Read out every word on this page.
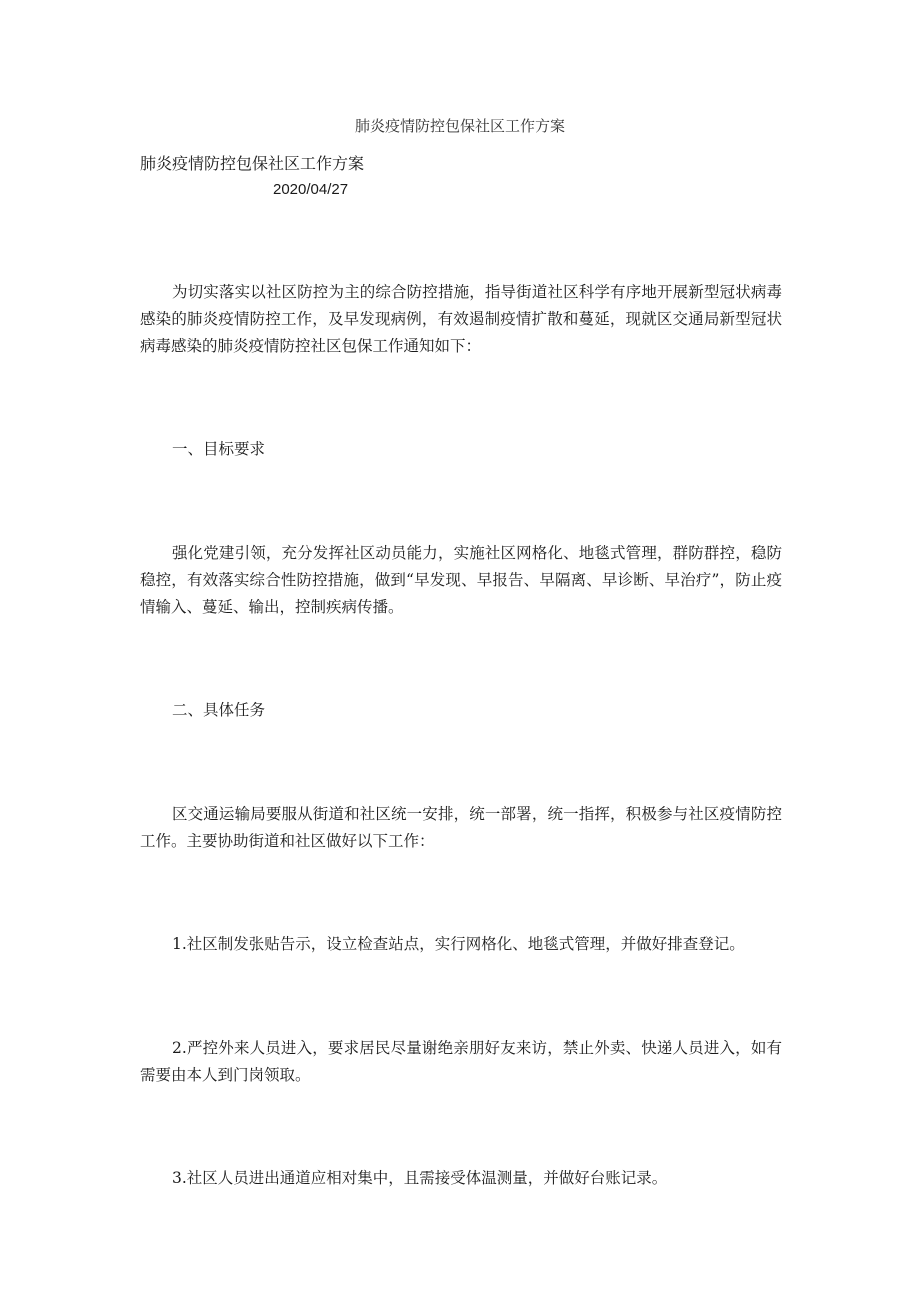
肺炎疫情防控包保社区工作方案
肺炎疫情防控包保社区工作方案
2020/04/27

为切实落实以社区防控为主的综合防控措施，指导街道社区科学有序地开展新型冠状病毒感染的肺炎疫情防控工作，及早发现病例，有效遏制疫情扩散和蔓延，现就区交通局新型冠状病毒感染的肺炎疫情防控社区包保工作通知如下：

一、目标要求

强化党建引领，充分发挥社区动员能力，实施社区网格化、地毯式管理，群防群控，稳防稳控，有效落实综合性防控措施，做到“早发现、早报告、早隔离、早诊断、早治疗”，防止疫情输入、蔓延、输出，控制疾病传播。

二、具体任务

区交通运输局要服从街道和社区统一安排，统一部署，统一指挥，积极参与社区疫情防控工作。主要协助街道和社区做好以下工作：

1.社区制发张贴告示，设立检查站点，实行网格化、地毯式管理，并做好排查登记。

2.严控外来人员进入，要求居民尽量谢绝亲朋好友来访，禁止外卖、快递人员进入，如有需要由本人到门岗领取。

3.社区人员进出通道应相对集中，且需接受体温测量，并做好台账记录。
